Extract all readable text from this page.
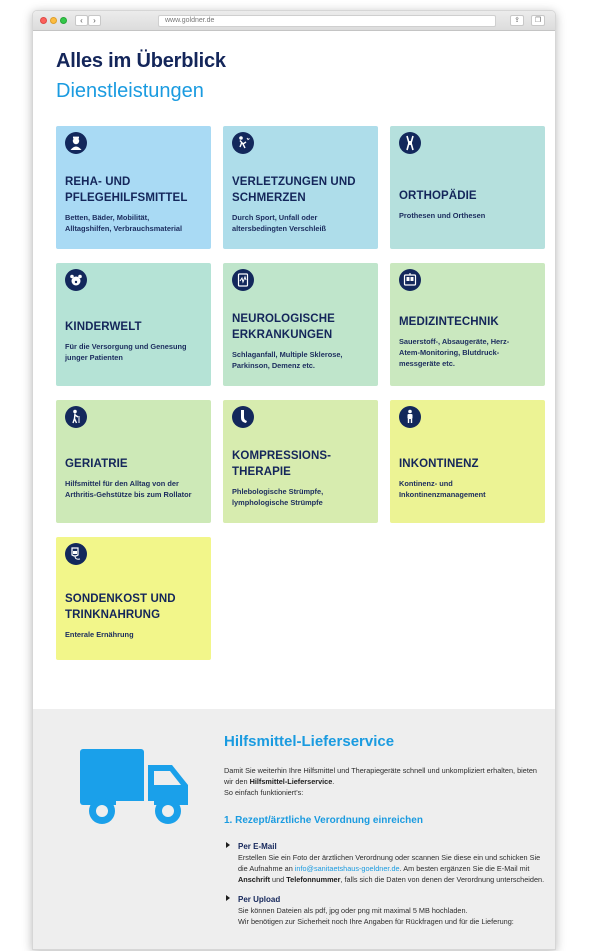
‹	›	www.goldner.de	⇪	❐
Alles im Überblick
Dienstleistungen
REHA- UND
PFLEGEHILFSMITTEL
Betten, Bäder, Mobilität,
Alltagshilfen, Verbrauchsmaterial
VERLETZUNGEN UND
SCHMERZEN
Durch Sport, Unfall oder
altersbedingten Verschleiß
ORTHOPÄDIE
Prothesen und Orthesen
KINDERWELT
Für die Versorgung und Genesung
junger Patienten
NEUROLOGISCHE
ERKRANKUNGEN
Schlaganfall, Multiple Sklerose,
Parkinson, Demenz etc.
MEDIZINTECHNIK
Sauerstoff-, Absaugeräte, Herz-
Atem-Monitoring, Blutdruck-
messgeräte etc.
GERIATRIE
Hilfsmittel für den Alltag von der
Arthritis-Gehstütze bis zum Rollator
KOMPRESSIONS-
THERAPIE
Phlebologische Strümpfe,
lymphologische Strümpfe
INKONTINENZ
Kontinenz- und
Inkontinenzmanagement
SONDENKOST UND
TRINKNAHRUNG
Enterale Ernährung
Hilfsmittel-Lieferservice
Damit Sie weiterhin Ihre Hilfsmittel und Therapiegeräte schnell und unkompliziert erhalten, bieten wir den Hilfsmittel-Lieferservice.
So einfach funktioniert's:
1. Rezept/ärztliche Verordnung einreichen
Per E-Mail
Erstellen Sie ein Foto der ärztlichen Verordnung oder scannen Sie diese ein und schicken Sie die Aufnahme an info@sanitaetshaus-goeldner.de. Am besten ergänzen Sie die E-Mail mit Anschrift und Telefonnummer, falls sich die Daten von denen der Verordnung unterscheiden.
Per Upload
Sie können Dateien als pdf, jpg oder png mit maximal 5 MB hochladen.
Wir benötigen zur Sicherheit noch Ihre Angaben für Rückfragen und für die Lieferung:
